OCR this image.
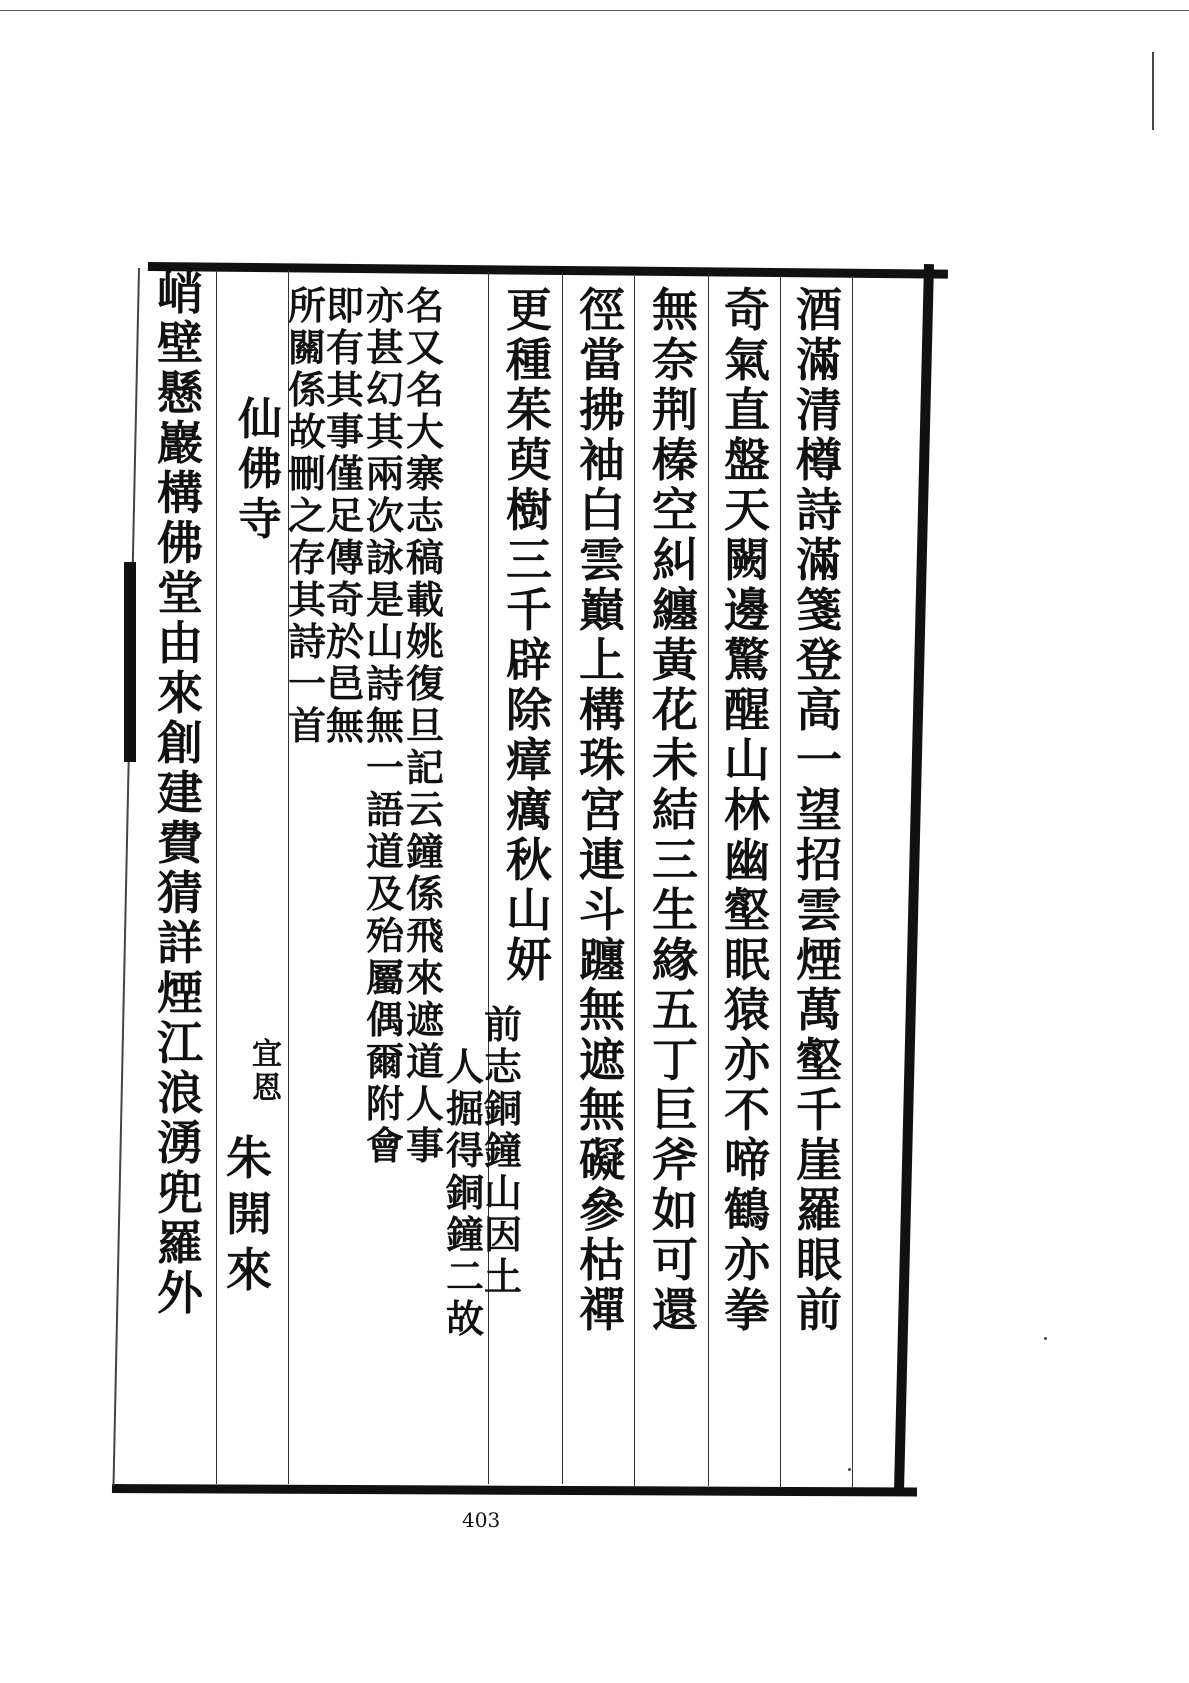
酒
滿
清
樽
詩
滿
箋
登
高
一
望
招
雲
煙
萬
壑
千
崖
羅
眼
前
奇
氣
直
盤
天
闕
邊
驚
醒
山
林
幽
壑
眠
猿
亦
不
啼
鶴
亦
拳
無
奈
荆
榛
空
糾
纏
黃
花
未
結
三
生
緣
五
丁
巨
斧
如
可
還
徑
當
拂
袖
白
雲
巔
上
構
珠
宮
連
斗
躔
無
遮
無
礙
參
枯
禪
更
種
茱
萸
樹
三
千
辟
除
瘴
癘
秋
山
妍
前
志
銅
鐘
山
因
土
人
掘
得
銅
鐘
二
故
名
又
名
大
寨
志
稿
載
姚
復
旦
記
云
鐘
係
飛
來
遮
道
人
事
亦
甚
幻
其
兩
次
詠
是
山
詩
無
一
語
道
及
殆
屬
偶
爾
附
會
即
有
其
事
僅
足
傳
奇
於
邑
無
所
關
係
故
刪
之
存
其
詩
一
首
仙
佛
寺
宜
恩
朱
開
來
峭
壁
懸
巖
構
佛
堂
由
來
創
建
費
猜
詳
煙
江
浪
湧
兜
羅
外
403
